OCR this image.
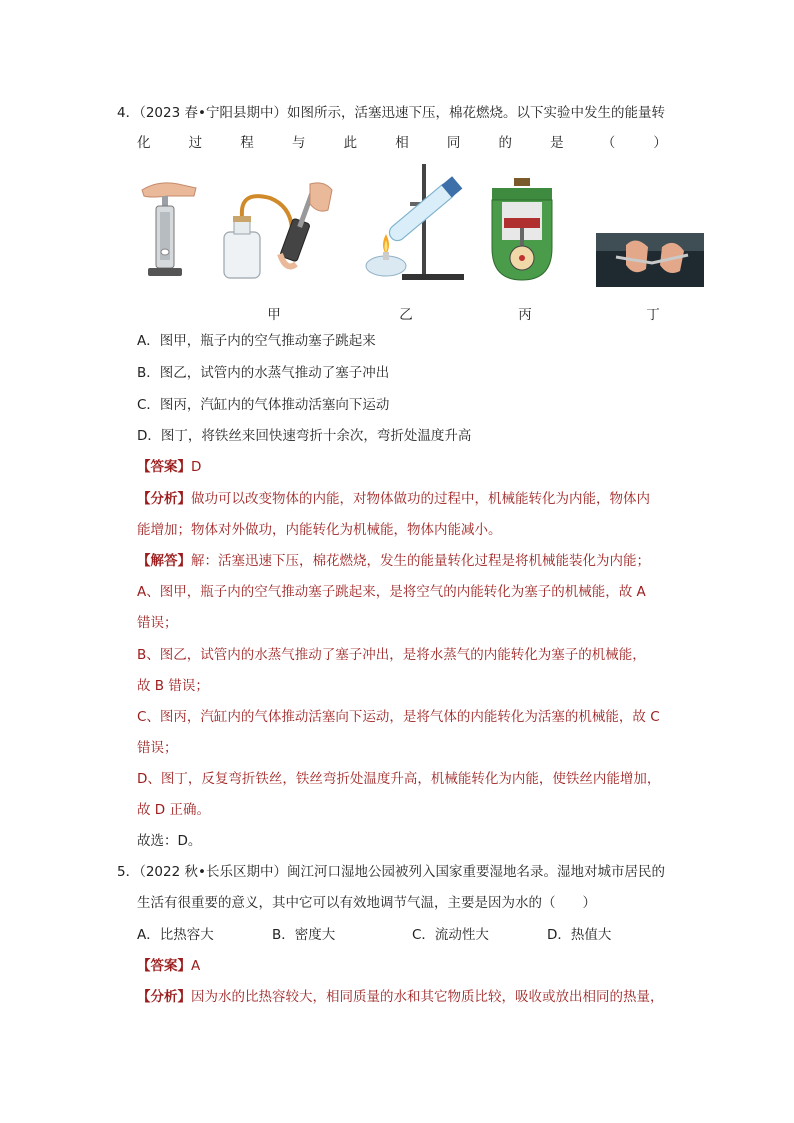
4．（2023 春•宁阳县期中）如图所示，活塞迅速下压，棉花燃烧。以下实验中发生的能量转
化	过	程	与	此	相	同	的	是	（	）
甲	乙	丙	丁
A．图甲，瓶子内的空气推动塞子跳起来
B．图乙，试管内的水蒸气推动了塞子冲出
C．图丙，汽缸内的气体推动活塞向下运动
D．图丁，将铁丝来回快速弯折十余次，弯折处温度升高
【答案】D
【分析】做功可以改变物体的内能，对物体做功的过程中，机械能转化为内能，物体内
能增加；物体对外做功，内能转化为机械能，物体内能减小。
【解答】解：活塞迅速下压，棉花燃烧，发生的能量转化过程是将机械能装化为内能；
A、图甲，瓶子内的空气推动塞子跳起来，是将空气的内能转化为塞子的机械能，故 A
错误；
B、图乙，试管内的水蒸气推动了塞子冲出，是将水蒸气的内能转化为塞子的机械能，
故 B 错误；
C、图丙，汽缸内的气体推动活塞向下运动，是将气体的内能转化为活塞的机械能，故 C
错误；
D、图丁，反复弯折铁丝，铁丝弯折处温度升高，机械能转化为内能，使铁丝内能增加，
故 D 正确。
故选：D。
5．（2022 秋•长乐区期中）闽江河口湿地公园被列入国家重要湿地名录。湿地对城市居民的
生活有很重要的意义，其中它可以有效地调节气温，主要是因为水的（　　）
A．比热容大	B．密度大	C．流动性大	D．热值大
【答案】A
【分析】因为水的比热容较大，相同质量的水和其它物质比较，吸收或放出相同的热量，
